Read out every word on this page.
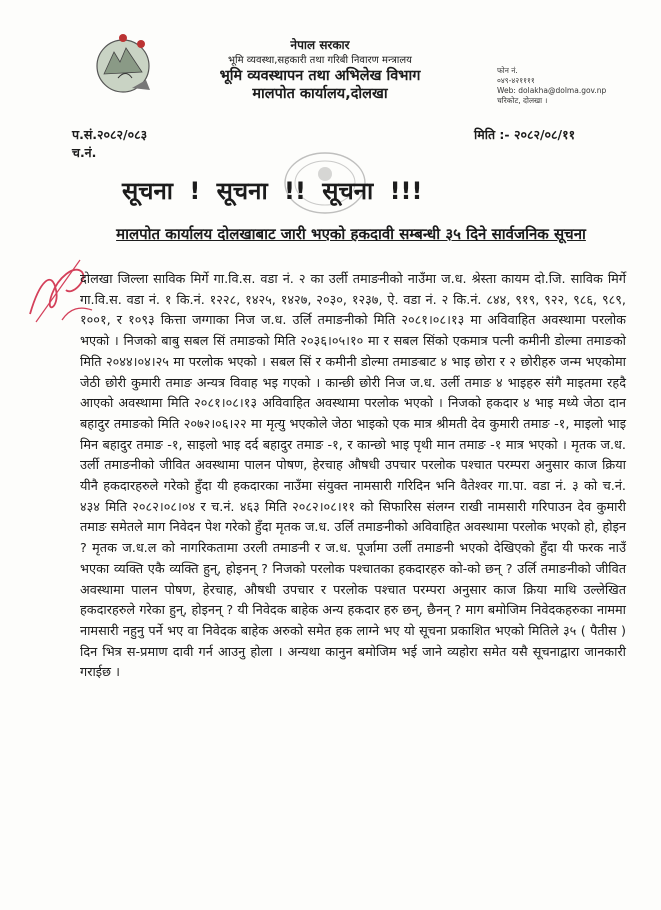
नेपाल सरकार
भूमि व्यवस्था,सहकारी तथा गरिबी निवारण मन्त्रालय
भूमि व्यवस्थापन तथा अभिलेख विभाग
मालपोत कार्यालय,दोलखा
फोन नं.
०४९-४२११११
Web: dolakha@dolma.gov.np
चरिकोट, दोलखा ।
प.सं.२०८२/०८३
च.नं.
मिति :- २०८२/०८/११
सूचना ! सूचना !! सूचना !!!
मालपोत कार्यालय दोलखाबाट जारी भएको हकदावी सम्बन्धी ३५ दिने सार्वजनिक सूचना
दोलखा जिल्ला साविक मिर्गे गा.वि.स. वडा नं. २ का उर्ली तमाङनीको नाउँमा ज.ध. श्रेस्ता कायम दो.जि. साविक मिर्गे गा.वि.स. वडा नं. १ कि.नं. १२२८, १४२५, १४२७, २०३०, १२३७, ऐ. वडा नं. २ कि.नं. ८४४, ९१९, ९२२, ९८६, ९८९, १००१, र १०९३ कित्ता जग्गाका निज ज.ध. उर्लि तमाङनीको मिति २०८१।०८।१३ मा अविवाहित अवस्थामा परलोक भएको । निजको बाबु सबल सिं तमाङको मिति २०३६।०५।१० मा र सबल सिंको एकमात्र पत्नी कमीनी डोल्मा तमाङको मिति २०४४।०४।२५ मा परलोक भएको । सबल सिं र कमीनी डोल्मा तमाङबाट ४ भाइ छोरा र २ छोरीहरु जन्म भएकोमा जेठी छोरी कुमारी तमाङ अन्यत्र विवाह भइ गएको । कान्छी छोरी निज ज.ध. उर्ली तमाङ ४ भाइहरु संगै माइतमा रहदै आएको अवस्थामा मिति २०८१।०८।१३ अविवाहित अवस्थामा परलोक भएको । निजको हकदार ४ भाइ मध्ये जेठा दान बहादुर तमाङको मिति २०७२।०६।२२ मा मृत्यु भएकोले जेठा भाइको एक मात्र श्रीमती देव कुमारी तमाङ -१, माइलो भाइ मिन बहादुर तमाङ -१, साइलो भाइ दर्द बहादुर तमाङ -१, र कान्छो भाइ पृथी मान तमाङ -१ मात्र भएको । मृतक ज.ध. उर्ली तमाङनीको जीवित अवस्थामा पालन पोषण, हेरचाह औषधी उपचार परलोक पश्चात परम्परा अनुसार काज क्रिया यीनै हकदारहरुले गरेको हुँदा यी हकदारका नाउँमा संयुक्त नामसारी गरिदिन भनि वैतेश्वर गा.पा. वडा नं. ३ को च.नं. ४३४ मिति २०८२।०८।०४ र च.नं. ४६३ मिति २०८२।०८।११ को सिफारिस संलग्न राखी नामसारी गरिपाउन देव कुमारी तमाङ समेतले माग निवेदन पेश गरेको हुँदा मृतक ज.ध. उर्लि तमाङनीको अविवाहित अवस्थामा परलोक भएको हो, होइन ? मृतक ज.ध.ल को नागरिकतामा उरली तमाङनी र ज.ध. पूर्जामा उर्ली तमाङनी भएको देखिएको हुँदा यी फरक नाउँ भएका व्यक्ति एकै व्यक्ति हुन्, होइनन् ? निजको परलोक पश्चातका हकदारहरु को-को छन् ? उर्लि तमाङनीको जीवित अवस्थामा पालन पोषण, हेरचाह, औषधी उपचार र परलोक पश्चात परम्परा अनुसार काज क्रिया माथि उल्लेखित हकदारहरुले गरेका हुन्, होइनन् ? यी निवेदक बाहेक अन्य हकदार हरु छन्, छैनन् ? माग बमोजिम निवेदकहरुका नाममा नामसारी नहुनु पर्ने भए वा निवेदक बाहेक अरुको समेत हक लाग्ने भए यो सूचना प्रकाशित भएको मितिले ३५ ( पैतीस ) दिन भित्र स-प्रमाण दावी गर्न आउनु होला । अन्यथा कानुन बमोजिम भई जाने व्यहोरा समेत यसै सूचनाद्वारा जानकारी गराईछ ।
